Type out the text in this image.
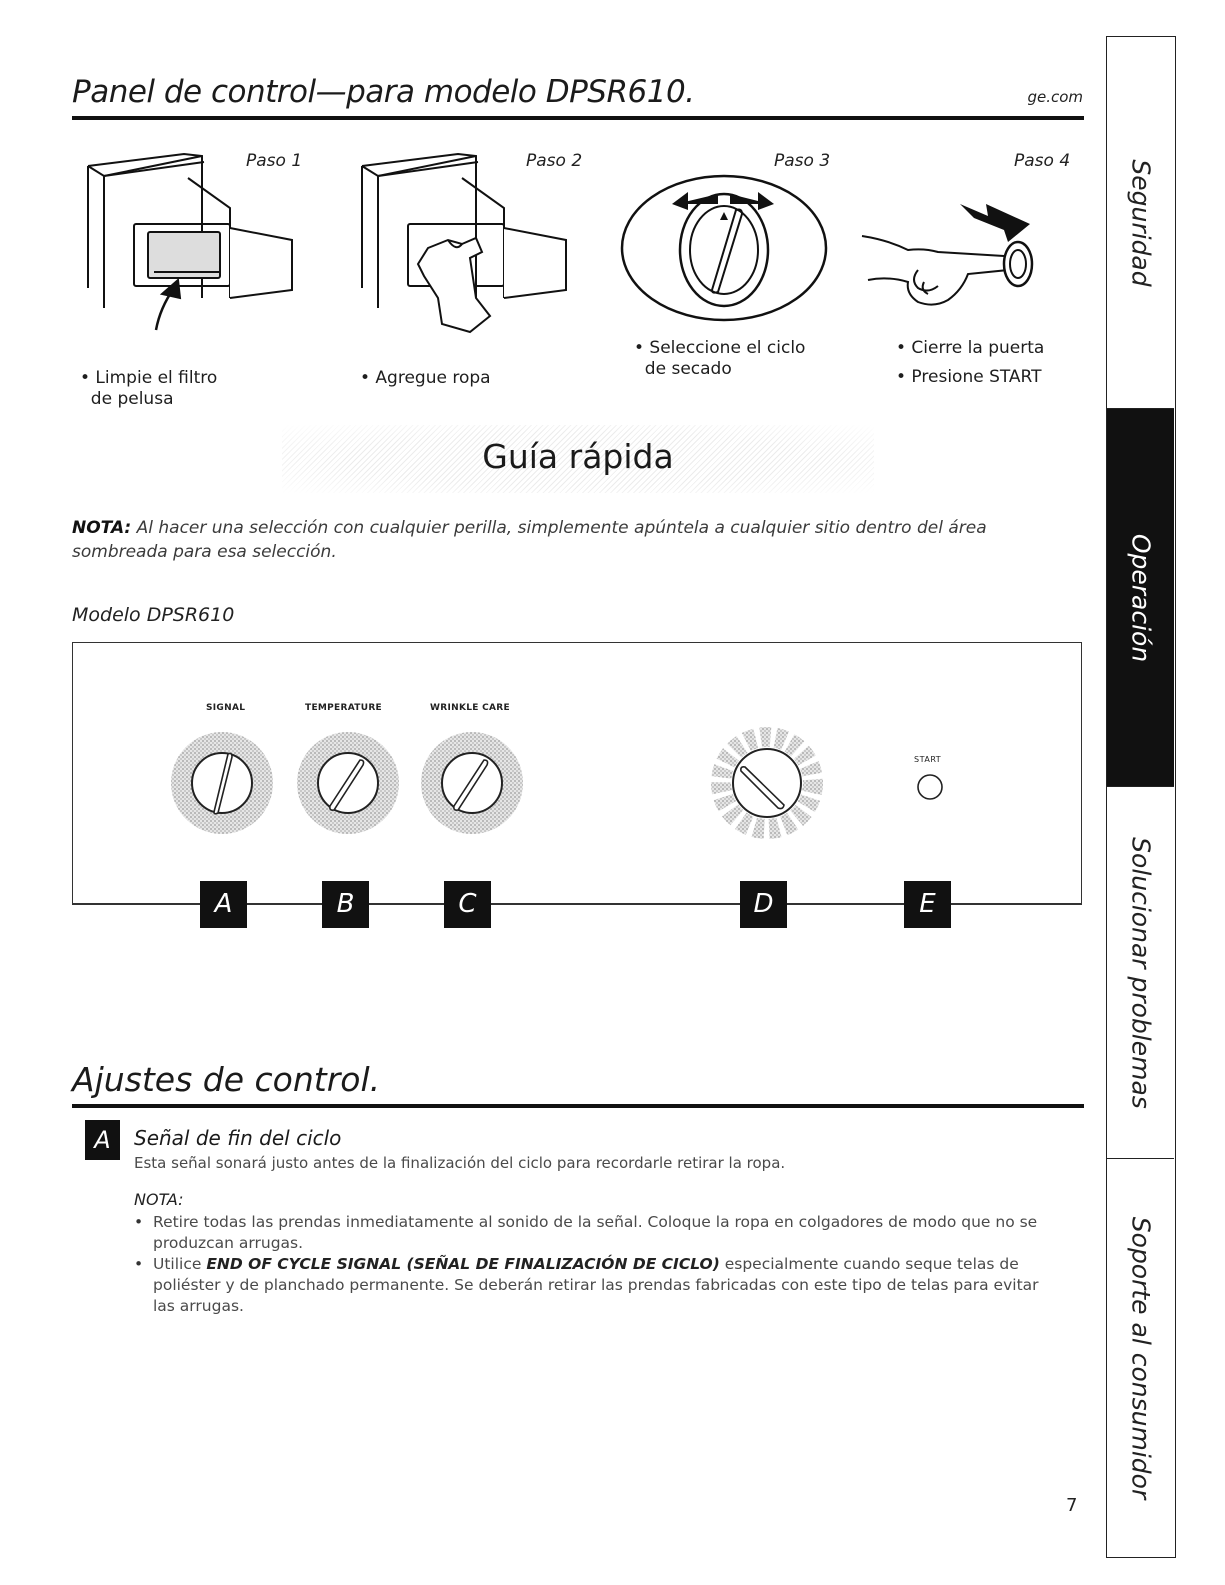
Panel de control—para modelo DPSR610.	ge.com
Paso 1
• Limpie el filtro
de pelusa
Paso 2
• Agregue ropa
Paso 3
• Seleccione el ciclo
de secado
Paso 4
• Cierre la puerta
• Presione START
Guía rápida
NOTA: Al hacer una selección con cualquier perilla, simplemente apúntela a cualquier sitio dentro del área sombreada para esa selección.
Modelo DPSR610
SIGNAL	TEMPERATURE	WRINKLE CARE
START
A	B	C	D	E
Ajustes de control.
A	Señal de fin del ciclo
Esta señal sonará justo antes de la finalización del ciclo para recordarle retirar la ropa.
NOTA:
• Retire todas las prendas inmediatamente al sonido de la señal. Coloque la ropa en colgadores de modo que no se produzcan arrugas.
• Utilice END OF CYCLE SIGNAL (SEÑAL DE FINALIZACIÓN DE CICLO) especialmente cuando seque telas de poliéster y de planchado permanente. Se deberán retirar las prendas fabricadas con este tipo de telas para evitar las arrugas.
7
Seguridad
Operación
Solucionar problemas
Soporte al consumidor
